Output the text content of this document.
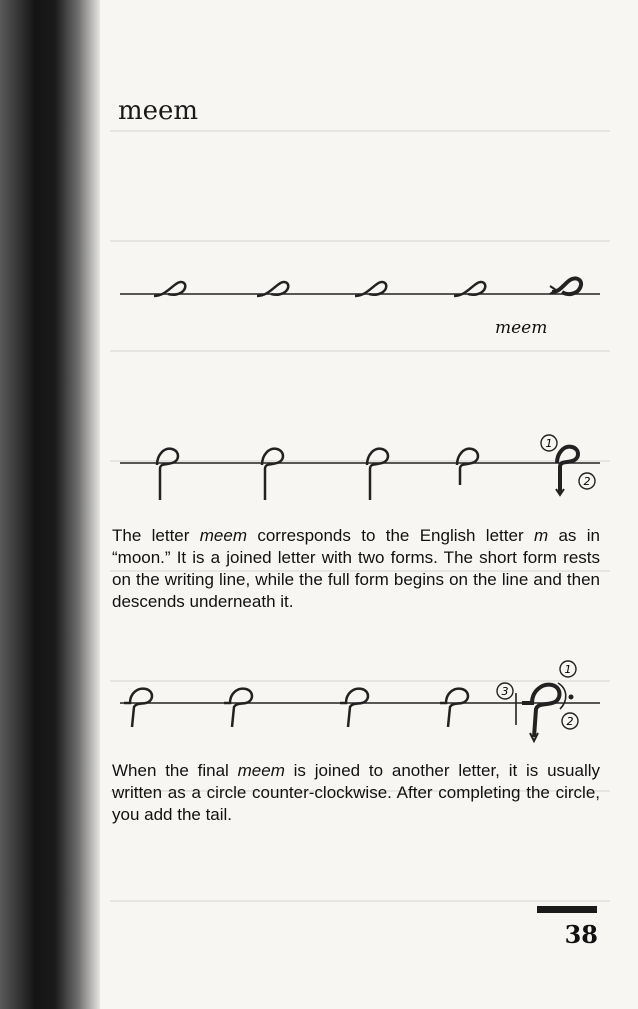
meem
meem
1
2

The letter meem corresponds to the English letter m as in “moon.” It is a joined letter with two forms. The short form rests on the writing line, while the full form begins on the line and then descends underneath it.

1
3
2

When the final meem is joined to another letter, it is usually written as a circle counter-clockwise. After completing the circle, you add the tail.

38
